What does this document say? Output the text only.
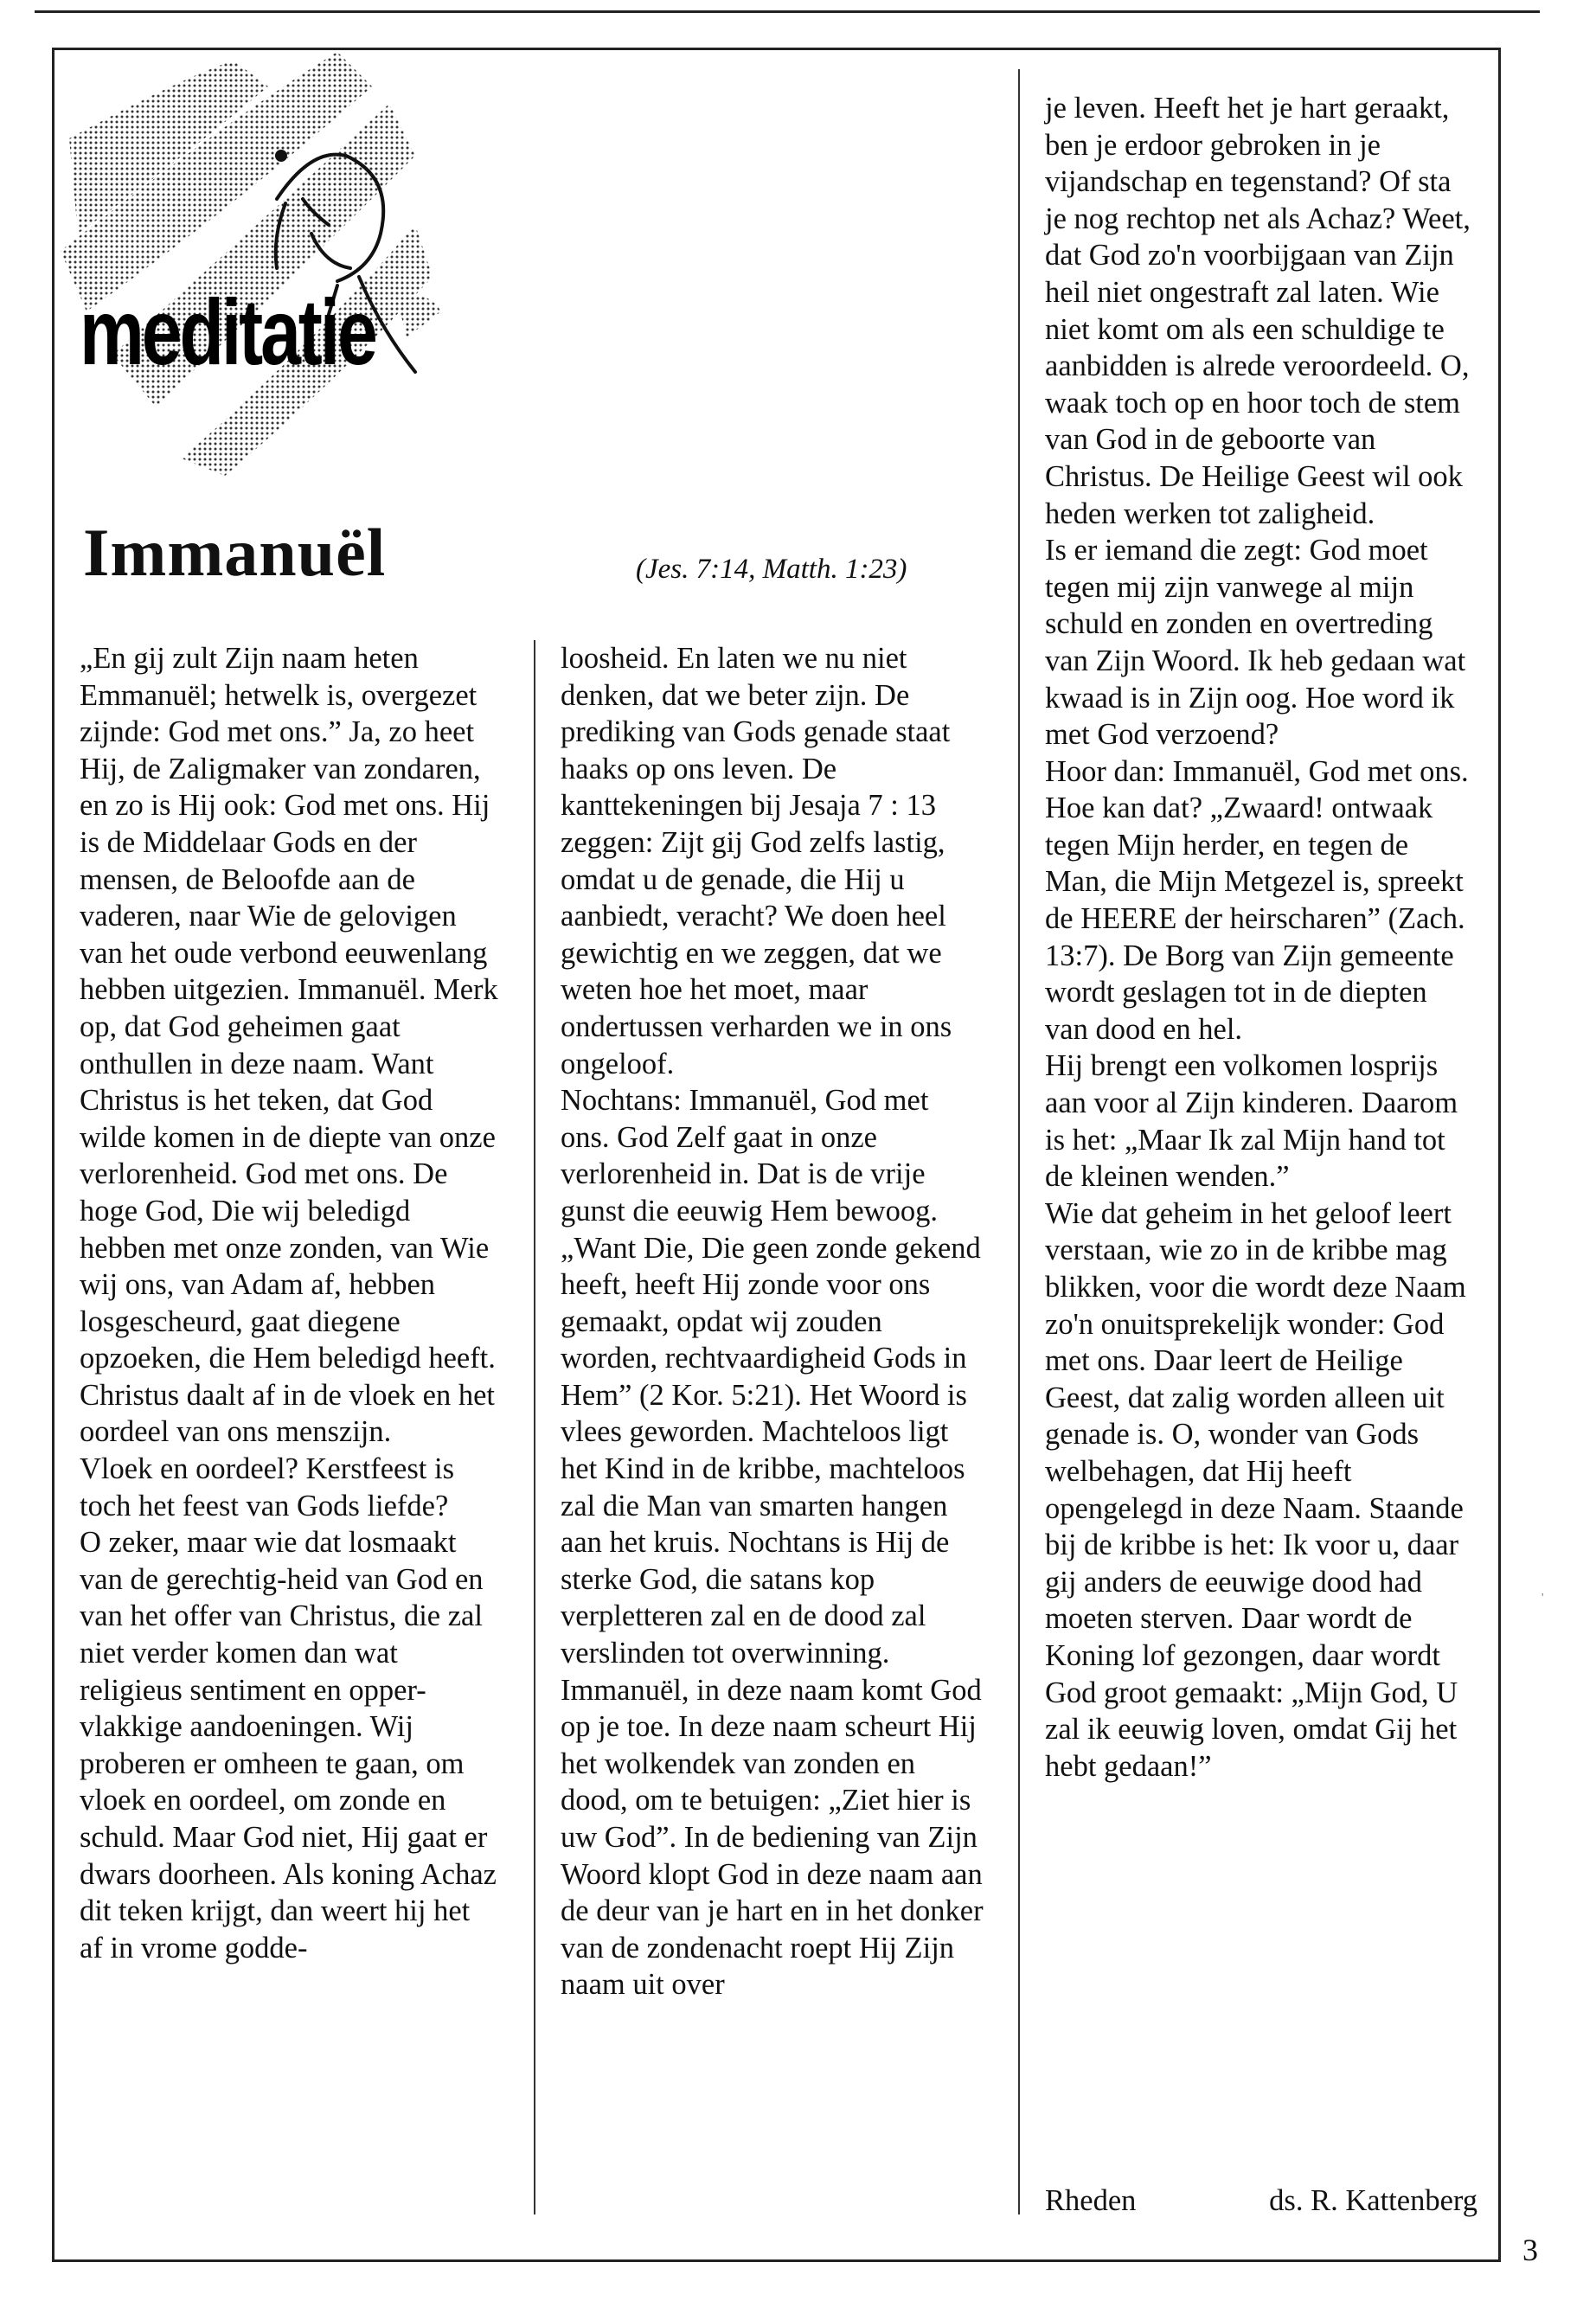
meditatie
Immanuël	(Jes. 7:14, Matth. 1:23)

„En gij zult Zijn naam heten Emmanuël; hetwelk is, overgezet zijnde: God met ons.” Ja, zo heet Hij, de Zaligmaker van zondaren, en zo is Hij ook: God met ons. Hij is de Middelaar Gods en der mensen, de Beloofde aan de vaderen, naar Wie de gelovigen van het oude verbond eeuwenlang hebben uitgezien. Immanuël. Merk op, dat God geheimen gaat onthullen in deze naam. Want Christus is het teken, dat God wilde komen in de diepte van onze verlorenheid. God met ons. De hoge God, Die wij beledigd hebben met onze zonden, van Wie wij ons, van Adam af, hebben losgescheurd, gaat diegene opzoeken, die Hem beledigd heeft. Christus daalt af in de vloek en het oordeel van ons menszijn.

Vloek en oordeel? Kerstfeest is toch het feest van Gods liefde?

O zeker, maar wie dat losmaakt van de gerechtig-heid van God en van het offer van Christus, die zal niet verder komen dan wat religieus sentiment en opper-vlakkige aandoeningen. Wij proberen er omheen te gaan, om vloek en oordeel, om zonde en schuld. Maar God niet, Hij gaat er dwars doorheen. Als koning Achaz dit teken krijgt, dan weert hij het af in vrome godde-

loosheid. En laten we nu niet denken, dat we beter zijn. De prediking van Gods genade staat haaks op ons leven. De kanttekeningen bij Jesaja 7 : 13 zeggen: Zijt gij God zelfs lastig, omdat u de genade, die Hij u aanbiedt, veracht? We doen heel gewichtig en we zeggen, dat we weten hoe het moet, maar ondertussen verharden we in ons ongeloof.

Nochtans: Immanuël, God met ons. God Zelf gaat in onze verlorenheid in. Dat is de vrije gunst die eeuwig Hem bewoog. „Want Die, Die geen zonde gekend heeft, heeft Hij zonde voor ons gemaakt, opdat wij zouden worden, rechtvaardigheid Gods in Hem” (2 Kor. 5:21). Het Woord is vlees geworden. Machteloos ligt het Kind in de kribbe, machteloos zal die Man van smarten hangen aan het kruis. Nochtans is Hij de sterke God, die satans kop verpletteren zal en de dood zal verslinden tot overwinning.

Immanuël, in deze naam komt God op je toe. In deze naam scheurt Hij het wolkendek van zonden en dood, om te betuigen: „Ziet hier is uw God”. In de bediening van Zijn Woord klopt God in deze naam aan de deur van je hart en in het donker van de zondenacht roept Hij Zijn naam uit over

je leven. Heeft het je hart geraakt, ben je erdoor gebroken in je vijandschap en tegenstand? Of sta je nog rechtop net als Achaz? Weet, dat God zo'n voorbijgaan van Zijn heil niet ongestraft zal laten. Wie niet komt om als een schuldige te aanbidden is alrede veroordeeld. O, waak toch op en hoor toch de stem van God in de geboorte van Christus. De Heilige Geest wil ook heden werken tot zaligheid.

Is er iemand die zegt: God moet tegen mij zijn vanwege al mijn schuld en zonden en overtreding van Zijn Woord. Ik heb gedaan wat kwaad is in Zijn oog. Hoe word ik met God verzoend?

Hoor dan: Immanuël, God met ons. Hoe kan dat? „Zwaard! ontwaak tegen Mijn herder, en tegen de Man, die Mijn Metgezel is, spreekt de HEERE der heirscharen” (Zach. 13:7). De Borg van Zijn gemeente wordt geslagen tot in de diepten van dood en hel.

Hij brengt een volkomen losprijs aan voor al Zijn kinderen. Daarom is het: „Maar Ik zal Mijn hand tot de kleinen wenden.”

Wie dat geheim in het geloof leert verstaan, wie zo in de kribbe mag blikken, voor die wordt deze Naam zo'n onuitsprekelijk wonder: God met ons. Daar leert de Heilige Geest, dat zalig worden alleen uit genade is. O, wonder van Gods welbehagen, dat Hij heeft opengelegd in deze Naam. Staande bij de kribbe is het: Ik voor u, daar gij anders de eeuwige dood had moeten sterven. Daar wordt de Koning lof gezongen, daar wordt God groot gemaakt: „Mijn God, U zal ik eeuwig loven, omdat Gij het hebt gedaan!”

Rheden	ds. R. Kattenberg
3
'
